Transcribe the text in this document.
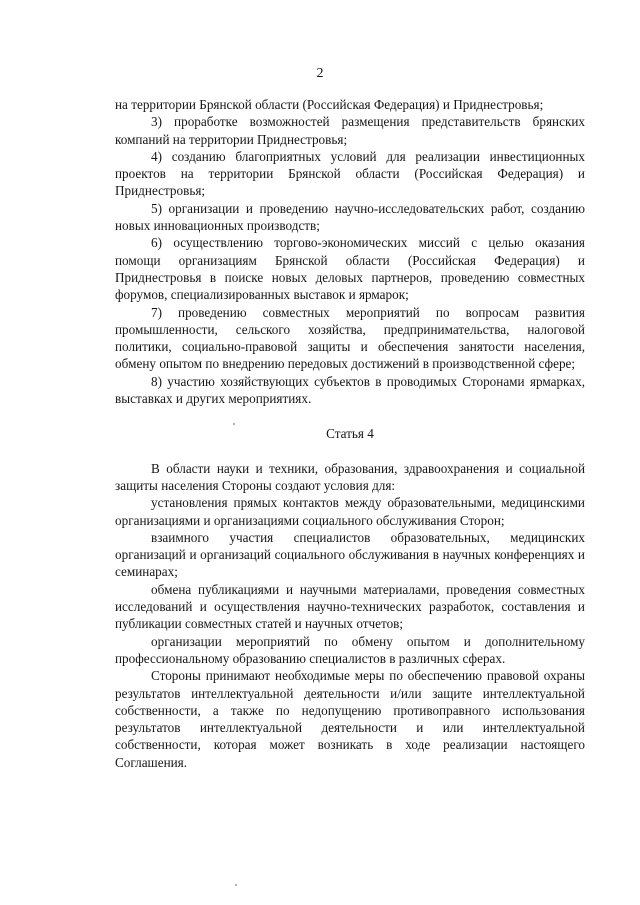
2

на территории Брянской области (Российская Федерация) и Приднестровья;

3) проработке возможностей размещения представительств брянских компаний на территории Приднестровья;

4) созданию благоприятных условий для реализации инвестиционных проектов на территории Брянской области (Российская Федерация) и Приднестровья;

5) организации и проведению научно-исследовательских работ, созданию новых инновационных производств;

6) осуществлению торгово-экономических миссий с целью оказания помощи организациям Брянской области (Российская Федерация) и Приднестровья в поиске новых деловых партнеров, проведению совместных форумов, специализированных выставок и ярмарок;

7) проведению совместных мероприятий по вопросам развития промышленности, сельского хозяйства, предпринимательства, налоговой политики, социально-правовой защиты и обеспечения занятости населения, обмену опытом по внедрению передовых достижений в производственной сфере;

8) участию хозяйствующих субъектов в проводимых Сторонами ярмарках, выставках и других мероприятиях.

Статья 4

В области науки и техники, образования, здравоохранения и социальной защиты населения Стороны создают условия для:

установления прямых контактов между образовательными, медицинскими организациями и организациями социального обслуживания Сторон;

взаимного участия специалистов образовательных, медицинских организаций и организаций социального обслуживания в научных конференциях и семинарах;

обмена публикациями и научными материалами, проведения совместных исследований и осуществления научно-технических разработок, составления и публикации совместных статей и научных отчетов;

организации мероприятий по обмену опытом и дополнительному профессиональному образованию специалистов в различных сферах.

Стороны принимают необходимые меры по обеспечению правовой охраны результатов интеллектуальной деятельности и/или защите интеллектуальной собственности, а также по недопущению противоправного использования результатов интеллектуальной деятельности и или интеллектуальной собственности, которая может возникать в ходе реализации настоящего Соглашения.
